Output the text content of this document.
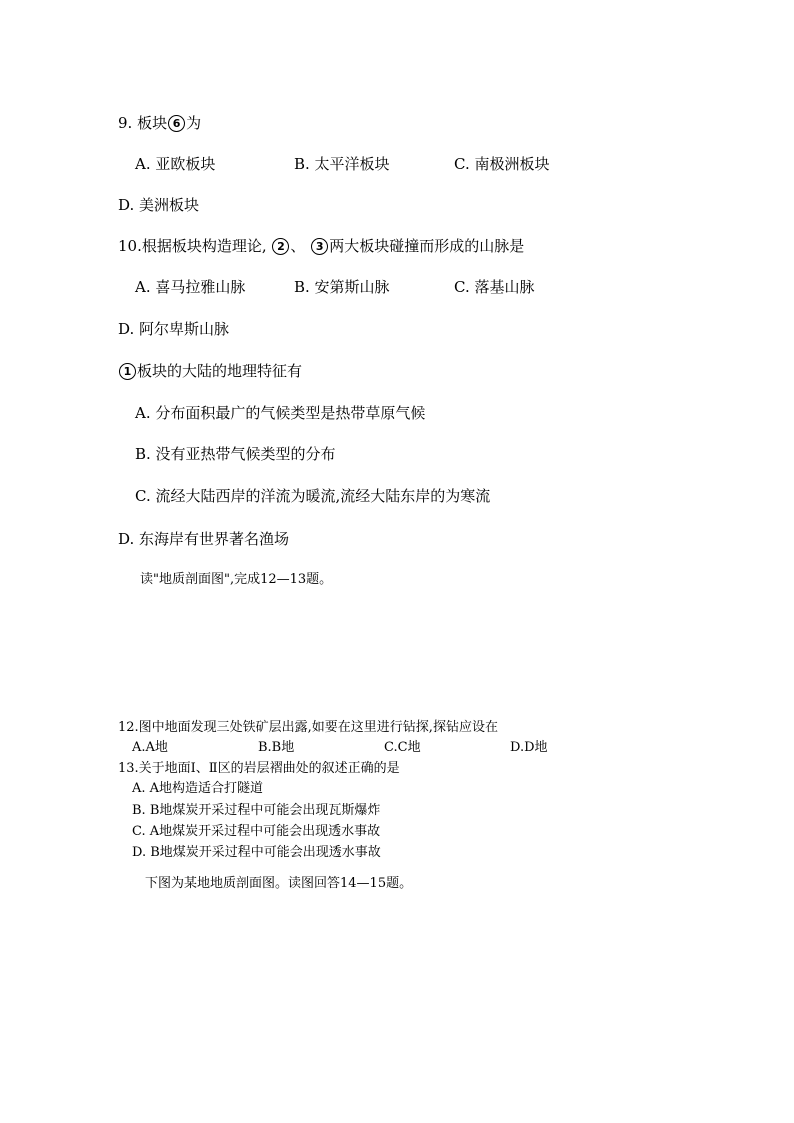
9. 板块 6 为
A. 亚欧板块	B. 太平洋板块	C. 南极洲板块
D. 美洲板块
10.根据板块构造理论, 2 、 3 两大板块碰撞而形成的山脉是
A. 喜马拉雅山脉	B. 安第斯山脉	C. 落基山脉
D. 阿尔卑斯山脉
1 板块的大陆的地理特征有
A. 分布面积最广的气候类型是热带草原气候
B. 没有亚热带气候类型的分布
C. 流经大陆西岸的洋流为暖流,流经大陆东岸的为寒流
D. 东海岸有世界著名渔场
读"地质剖面图",完成12—13题。
12.图中地面发现三处铁矿层出露,如要在这里进行钻探,探钻应设在
A.A地	B.B地	C.C地	D.D地
13.关于地面Ⅰ、Ⅱ区的岩层褶曲处的叙述正确的是
A. A地构造适合打隧道
B. B地煤炭开采过程中可能会出现瓦斯爆炸
C. A地煤炭开采过程中可能会出现透水事故
D. B地煤炭开采过程中可能会出现透水事故
下图为某地地质剖面图。读图回答14—15题。
